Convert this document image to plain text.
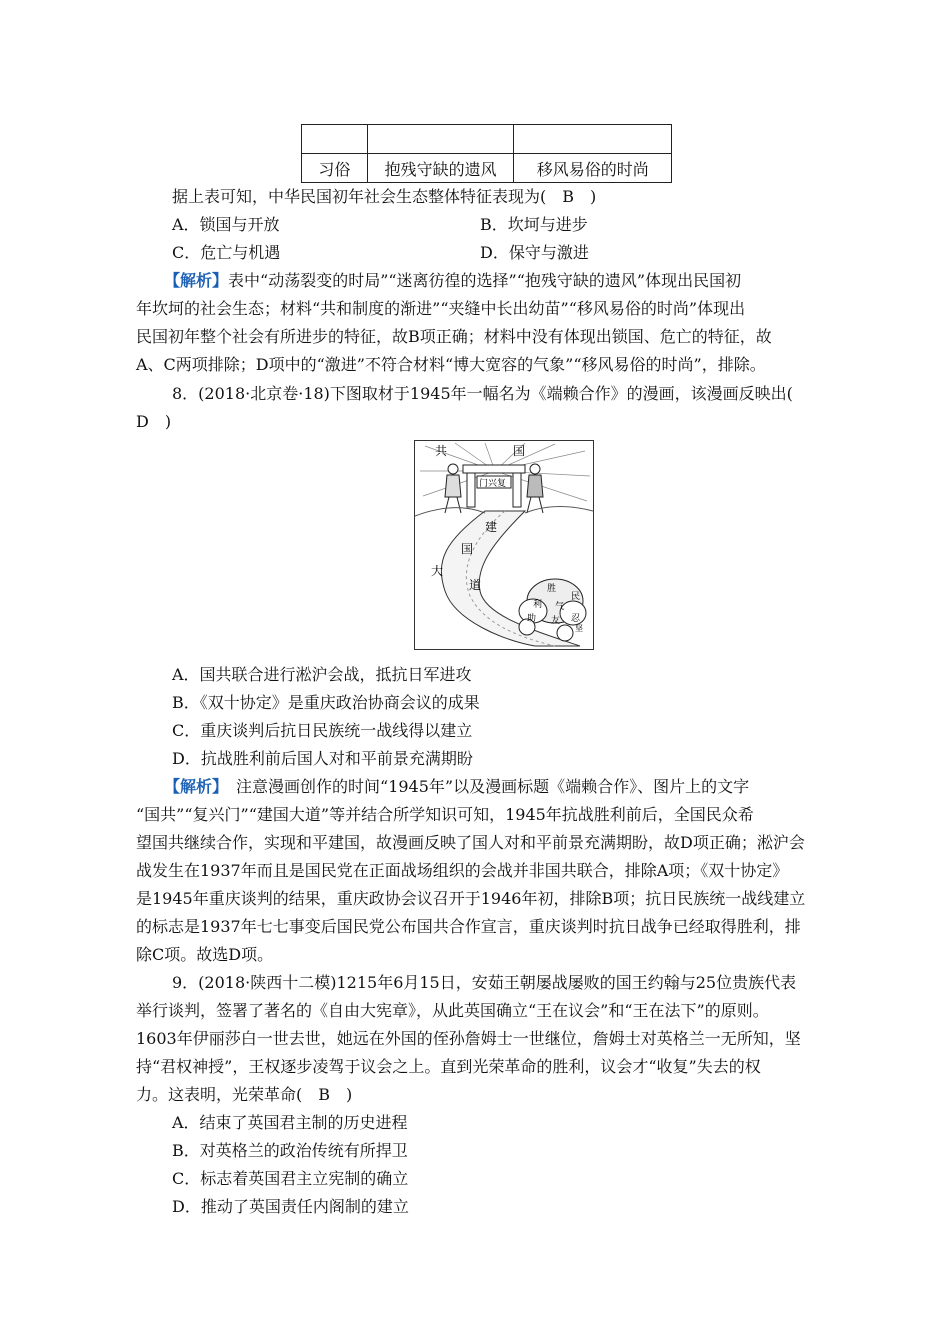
习俗	抱残守缺的遗风	移风易俗的时尚
据上表可知，中华民国初年社会生态整体特征表现为(　B　)
A．锁国与开放	B．坎坷与进步
C．危亡与机遇	D．保守与激进
【解析】表中“动荡裂变的时局”“迷离彷徨的选择”“抱残守缺的遗风”体现出民国初
年坎坷的社会生态；材料“共和制度的渐进”“夹缝中长出幼苗”“移风易俗的时尚”体现出
民国初年整个社会有所进步的特征，故B项正确；材料中没有体现出锁国、危亡的特征，故
A、C两项排除；D项中的“激进”不符合材料“博大宽容的气象”“移风易俗的时尚”，排除。
8．(2018·北京卷·18)下图取材于1945年一幅名为《端赖合作》的漫画，该漫画反映出(
D　)
共	国
门兴复
建
国
大
道	胜
利
民
气
友
助	忍
坚
A．国共联合进行淞沪会战，抵抗日军进攻
B．《双十协定》是重庆政治协商会议的成果
C．重庆谈判后抗日民族统一战线得以建立
D．抗战胜利前后国人对和平前景充满期盼
【解析】　注意漫画创作的时间“1945年”以及漫画标题《端赖合作》、图片上的文字
“国共”“复兴门”“建国大道”等并结合所学知识可知，1945年抗战胜利前后，全国民众希
望国共继续合作，实现和平建国，故漫画反映了国人对和平前景充满期盼，故D项正确；淞沪会
战发生在1937年而且是国民党在正面战场组织的会战并非国共联合，排除A项；《双十协定》
是1945年重庆谈判的结果，重庆政协会议召开于1946年初，排除B项；抗日民族统一战线建立
的标志是1937年七七事变后国民党公布国共合作宣言，重庆谈判时抗日战争已经取得胜利，排
除C项。故选D项。
9．(2018·陕西十二模)1215年6月15日，安茹王朝屡战屡败的国王约翰与25位贵族代表
举行谈判，签署了著名的《自由大宪章》，从此英国确立“王在议会”和“王在法下”的原则。
1603年伊丽莎白一世去世，她远在外国的侄孙詹姆士一世继位，詹姆士对英格兰一无所知，坚
持“君权神授”，王权逐步凌驾于议会之上。直到光荣革命的胜利，议会才“收复”失去的权
力。这表明，光荣革命(　B　)
A．结束了英国君主制的历史进程
B．对英格兰的政治传统有所捍卫
C．标志着英国君主立宪制的确立
D．推动了英国责任内阁制的建立
